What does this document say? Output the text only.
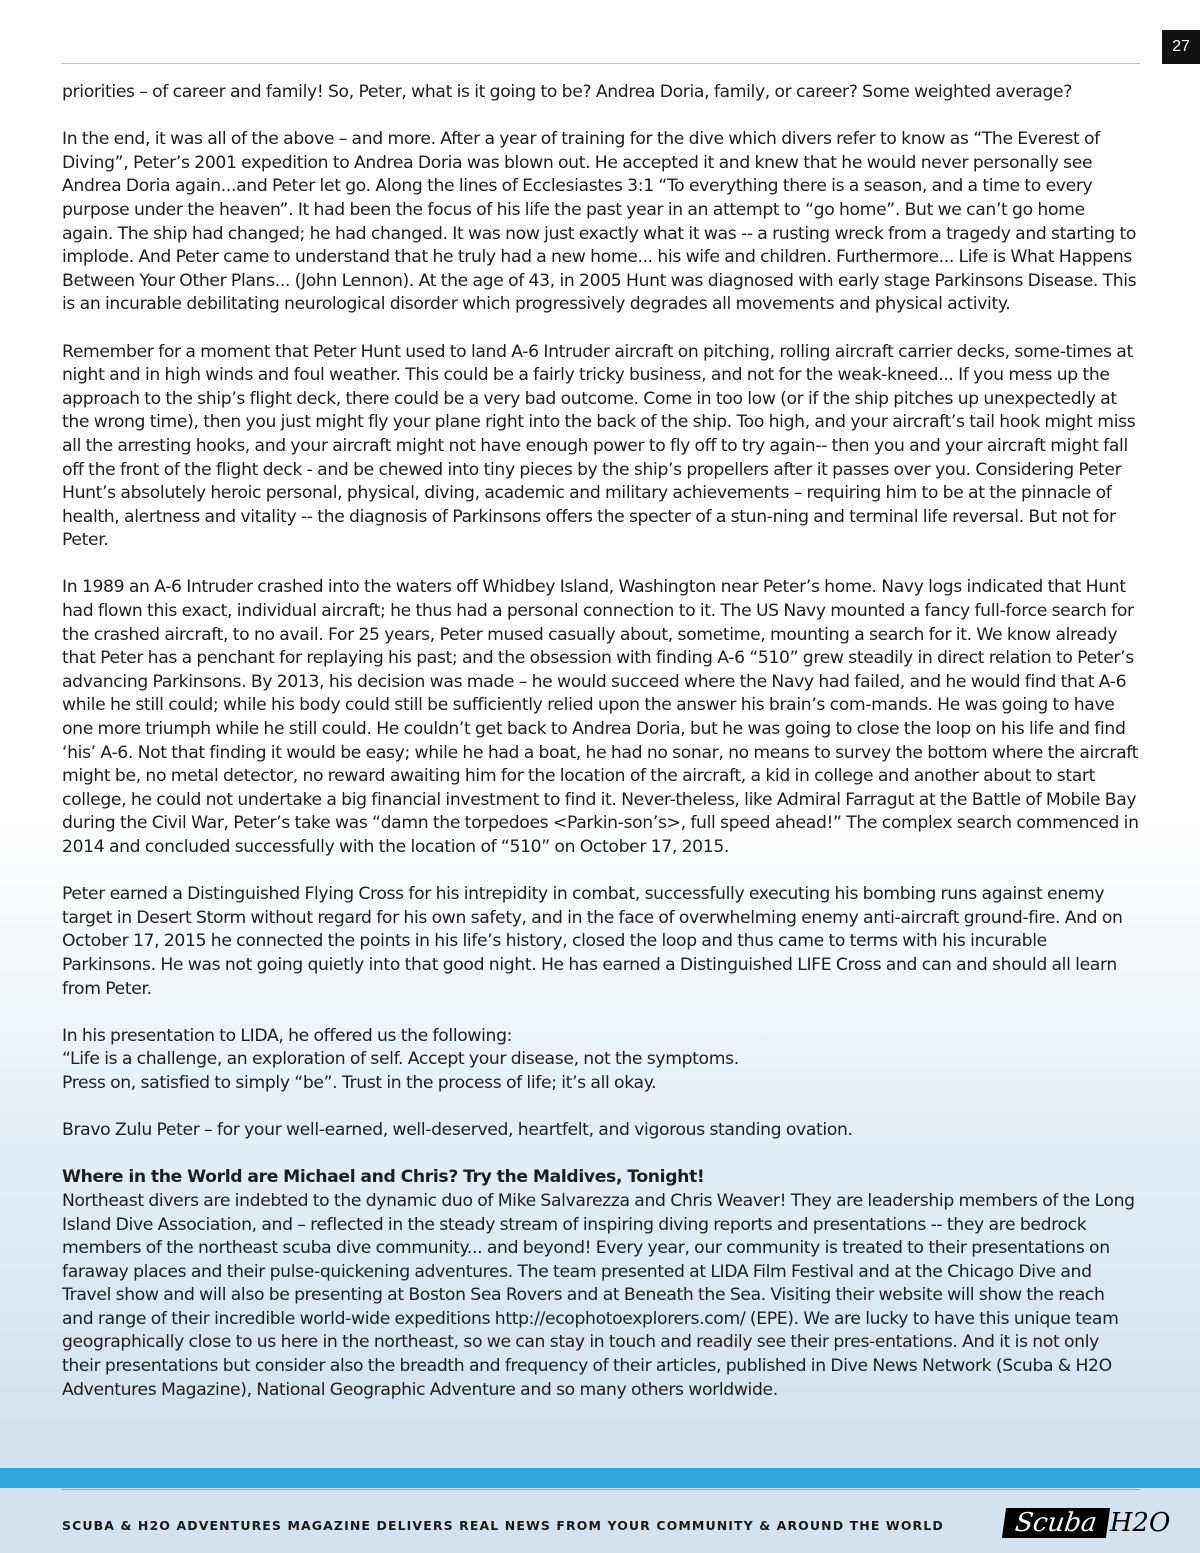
27

priorities – of career and family! So, Peter, what is it going to be? Andrea Doria, family, or career? Some weighted average?

In the end, it was all of the above – and more. After a year of training for the dive which divers refer to know as “The Everest of Diving”, Peter’s 2001 expedition to Andrea Doria was blown out. He accepted it and knew that he would never personally see Andrea Doria again...and Peter let go. Along the lines of Ecclesiastes 3:1 “To everything there is a season, and a time to every purpose under the heaven”. It had been the focus of his life the past year in an attempt to “go home”. But we can’t go home again. The ship had changed; he had changed. It was now just exactly what it was -- a rusting wreck from a tragedy and starting to implode. And Peter came to understand that he truly had a new home... his wife and children. Furthermore... Life is What Happens Between Your Other Plans... (John Lennon). At the age of 43, in 2005 Hunt was diagnosed with early stage Parkinsons Disease. This is an incurable debilitating neurological disorder which progressively degrades all movements and physical activity.

Remember for a moment that Peter Hunt used to land A-6 Intruder aircraft on pitching, rolling aircraft carrier decks, some-times at night and in high winds and foul weather. This could be a fairly tricky business, and not for the weak-kneed... If you mess up the approach to the ship’s flight deck, there could be a very bad outcome. Come in too low (or if the ship pitches up unexpectedly at the wrong time), then you just might fly your plane right into the back of the ship. Too high, and your aircraft’s tail hook might miss all the arresting hooks, and your aircraft might not have enough power to fly off to try again-- then you and your aircraft might fall off the front of the flight deck - and be chewed into tiny pieces by the ship’s propellers after it passes over you. Considering Peter Hunt’s absolutely heroic personal, physical, diving, academic and military achievements – requiring him to be at the pinnacle of health, alertness and vitality -- the diagnosis of Parkinsons offers the specter of a stun-ning and terminal life reversal. But not for Peter.

In 1989 an A-6 Intruder crashed into the waters off Whidbey Island, Washington near Peter’s home. Navy logs indicated that Hunt had flown this exact, individual aircraft; he thus had a personal connection to it. The US Navy mounted a fancy full-force search for the crashed aircraft, to no avail. For 25 years, Peter mused casually about, sometime, mounting a search for it. We know already that Peter has a penchant for replaying his past; and the obsession with finding A-6 “510” grew steadily in direct relation to Peter’s advancing Parkinsons. By 2013, his decision was made – he would succeed where the Navy had failed, and he would find that A-6 while he still could; while his body could still be sufficiently relied upon the answer his brain’s com-mands. He was going to have one more triumph while he still could. He couldn’t get back to Andrea Doria, but he was going to close the loop on his life and find ‘his’ A-6. Not that finding it would be easy; while he had a boat, he had no sonar, no means to survey the bottom where the aircraft might be, no metal detector, no reward awaiting him for the location of the aircraft, a kid in college and another about to start college, he could not undertake a big financial investment to find it. Never-theless, like Admiral Farragut at the Battle of Mobile Bay during the Civil War, Peter’s take was “damn the torpedoes <Parkin-son’s>, full speed ahead!” The complex search commenced in 2014 and concluded successfully with the location of “510” on October 17, 2015.

Peter earned a Distinguished Flying Cross for his intrepidity in combat, successfully executing his bombing runs against enemy target in Desert Storm without regard for his own safety, and in the face of overwhelming enemy anti-aircraft ground-fire. And on October 17, 2015 he connected the points in his life’s history, closed the loop and thus came to terms with his incurable Parkinsons. He was not going quietly into that good night. He has earned a Distinguished LIFE Cross and can and should all learn from Peter.

In his presentation to LIDA, he offered us the following:
“Life is a challenge, an exploration of self. Accept your disease, not the symptoms.
Press on, satisfied to simply “be”. Trust in the process of life; it’s all okay.

Bravo Zulu Peter – for your well-earned, well-deserved, heartfelt, and vigorous standing ovation.

Where in the World are Michael and Chris? Try the Maldives, Tonight!
Northeast divers are indebted to the dynamic duo of Mike Salvarezza and Chris Weaver! They are leadership members of the Long Island Dive Association, and – reflected in the steady stream of inspiring diving reports and presentations -- they are bedrock members of the northeast scuba dive community... and beyond! Every year, our community is treated to their presentations on faraway places and their pulse-quickening adventures. The team presented at LIDA Film Festival and at the Chicago Dive and Travel show and will also be presenting at Boston Sea Rovers and at Beneath the Sea. Visiting their website will show the reach and range of their incredible world-wide expeditions http://ecophotoexplorers.com/ (EPE). We are lucky to have this unique team geographically close to us here in the northeast, so we can stay in touch and readily see their pres-entations. And it is not only their presentations but consider also the breadth and frequency of their articles, published in Dive News Network (Scuba & H2O Adventures Magazine), National Geographic Adventure and so many others worldwide.

SCUBA & H2O ADVENTURES MAGAZINE DELIVERS REAL NEWS FROM YOUR COMMUNITY & AROUND THE WORLD	Scuba H2O
